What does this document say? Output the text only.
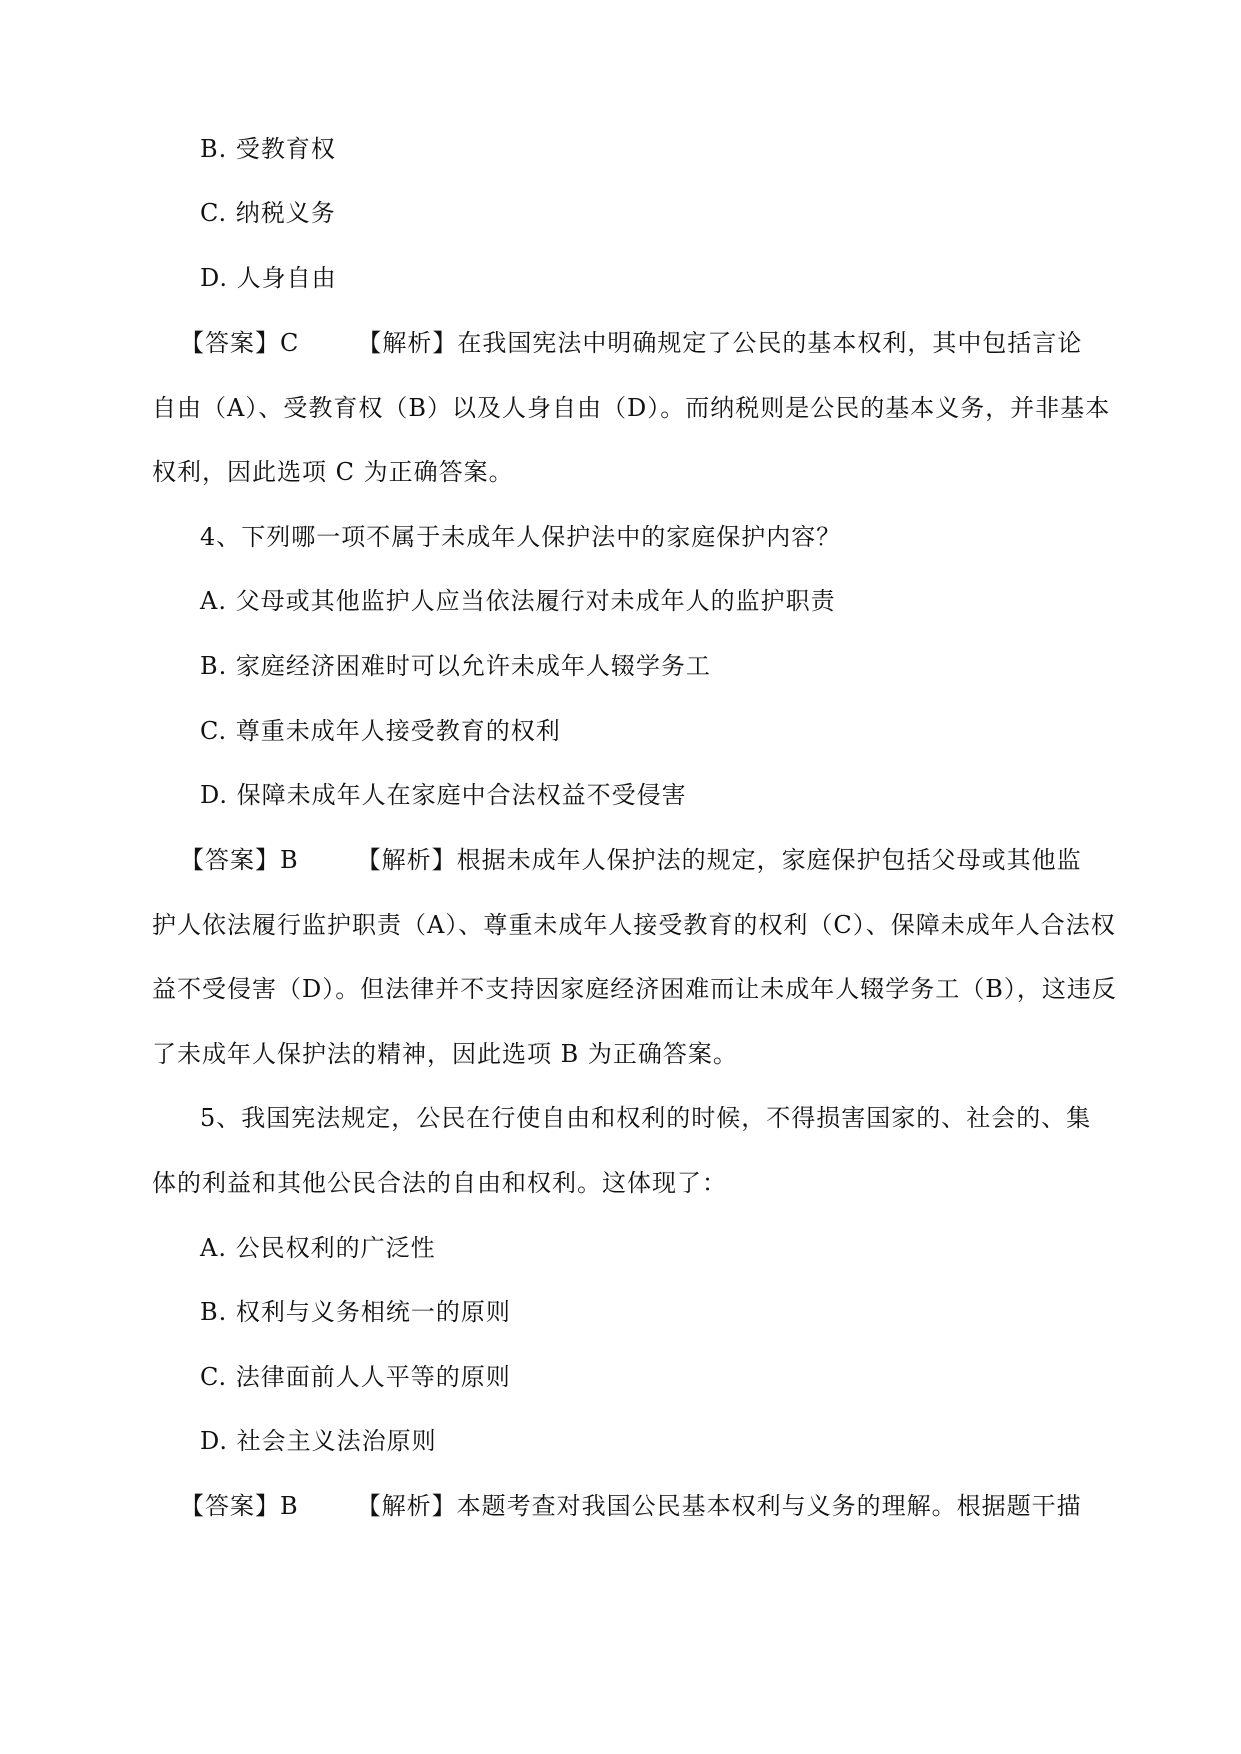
B. 受教育权
C. 纳税义务
D. 人身自由
【答案】C 【解析】在我国宪法中明确规定了公民的基本权利，其中包括言论
自由（A）、受教育权（B）以及人身自由（D）。而纳税则是公民的基本义务，并非基本
权利，因此选项 C 为正确答案。
4、下列哪一项不属于未成年人保护法中的家庭保护内容？
A. 父母或其他监护人应当依法履行对未成年人的监护职责
B. 家庭经济困难时可以允许未成年人辍学务工
C. 尊重未成年人接受教育的权利
D. 保障未成年人在家庭中合法权益不受侵害
【答案】B 【解析】根据未成年人保护法的规定，家庭保护包括父母或其他监
护人依法履行监护职责（A）、尊重未成年人接受教育的权利（C）、保障未成年人合法权
益不受侵害（D）。但法律并不支持因家庭经济困难而让未成年人辍学务工（B），这违反
了未成年人保护法的精神，因此选项 B 为正确答案。
5、我国宪法规定，公民在行使自由和权利的时候，不得损害国家的、社会的、集
体的利益和其他公民合法的自由和权利。这体现了：
A. 公民权利的广泛性
B. 权利与义务相统一的原则
C. 法律面前人人平等的原则
D. 社会主义法治原则
【答案】B 【解析】本题考查对我国公民基本权利与义务的理解。根据题干描
